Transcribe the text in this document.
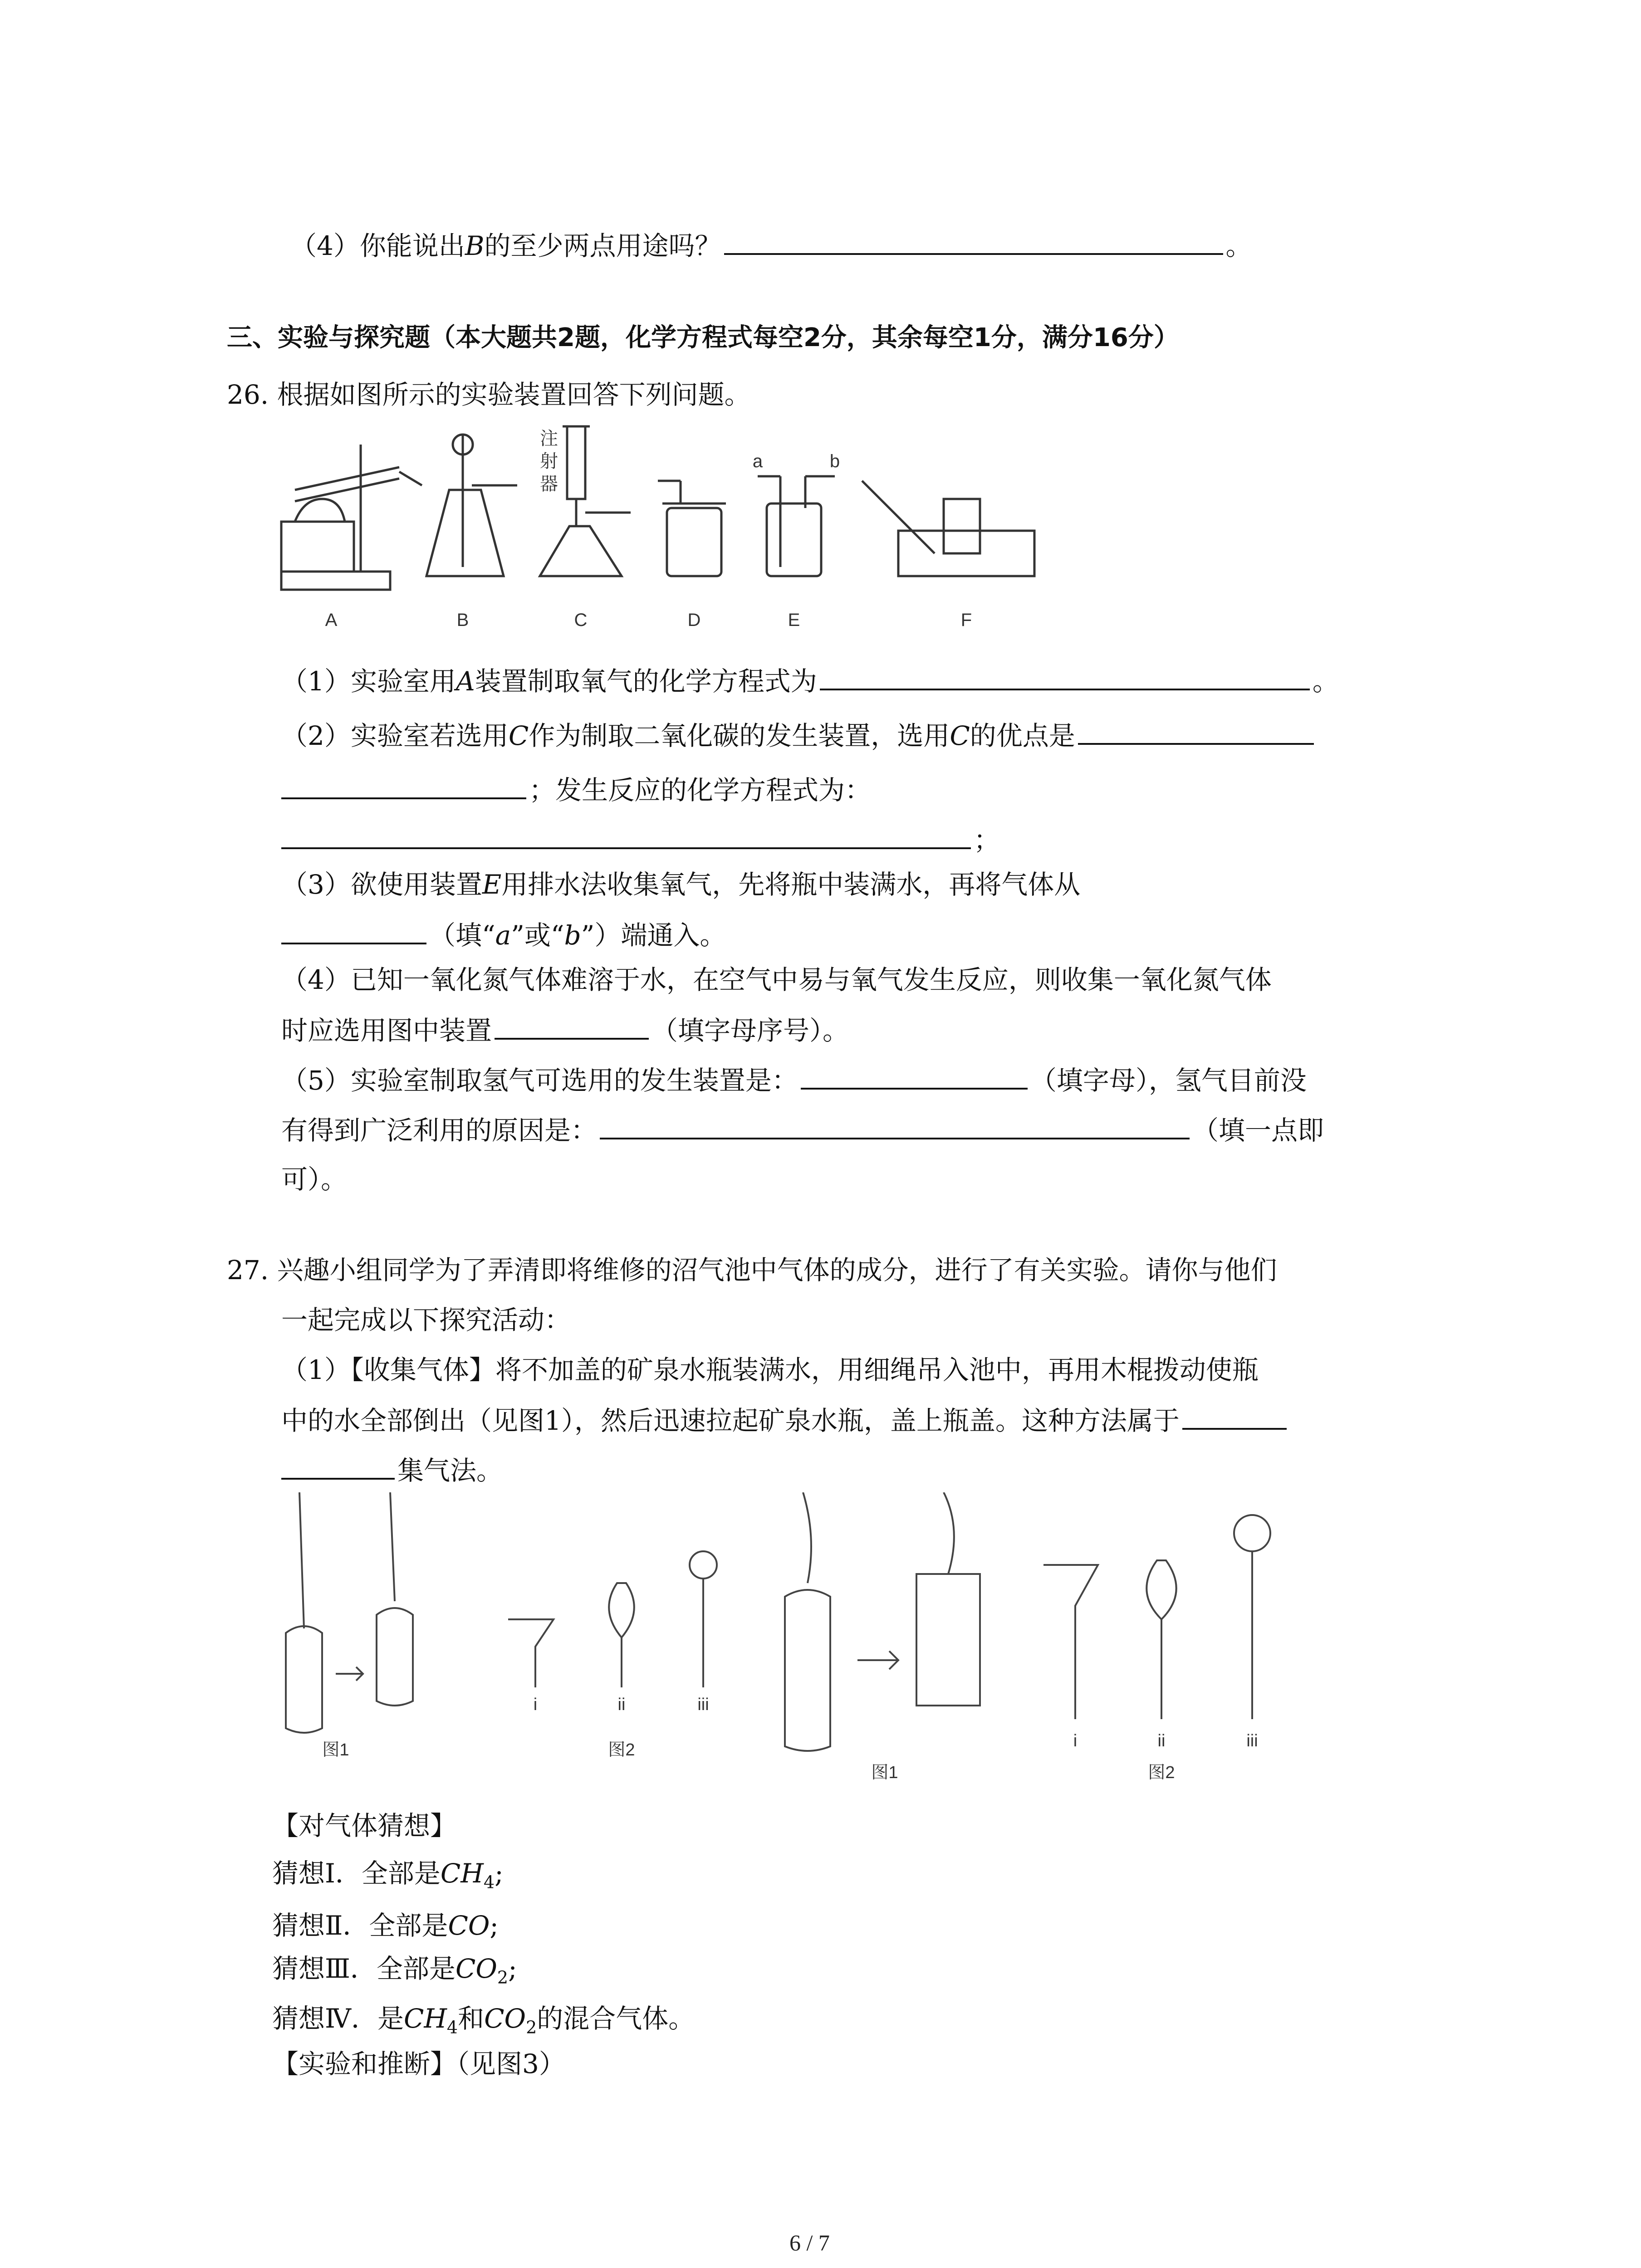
（4）你能说出B的至少两点用途吗？	。
三、实验与探究题（本大题共2题，化学方程式每空2分，其余每空1分，满分16分）
26. 根据如图所示的实验装置回答下列问题。
A	B	C	D	E	F
注
射
器
a	b
（1）实验室用A装置制取氧气的化学方程式为	。
（2）实验室若选用C作为制取二氧化碳的发生装置，选用C的优点是
；发生反应的化学方程式为：
；
（3）欲使用装置E用排水法收集氧气，先将瓶中装满水，再将气体从
（填“a”或“b”）端通入。
（4）已知一氧化氮气体难溶于水，在空气中易与氧气发生反应，则收集一氧化氮气体
时应选用图中装置	（填字母序号）。
（5）实验室制取氢气可选用的发生装置是：	（填字母），氢气目前没
有得到广泛利用的原因是：	（填一点即
可）。
27. 兴趣小组同学为了弄清即将维修的沼气池中气体的成分，进行了有关实验。请你与他们
一起完成以下探究活动：
（1）【收集气体】将不加盖的矿泉水瓶装满水，用细绳吊入池中，再用木棍拨动使瓶
中的水全部倒出（见图1），然后迅速拉起矿泉水瓶，盖上瓶盖。这种方法属于
集气法。
图1	图2
i	ii	iii
图1	图2
i	ii	iii
【对气体猜想】
猜想Ⅰ．全部是$CH_4$;
猜想Ⅱ．全部是CO;
猜想Ⅲ．全部是$CO_2$;
猜想Ⅳ．是$CH_4$和$CO_2$的混合气体。
【实验和推断】（见图3）
6 / 7
